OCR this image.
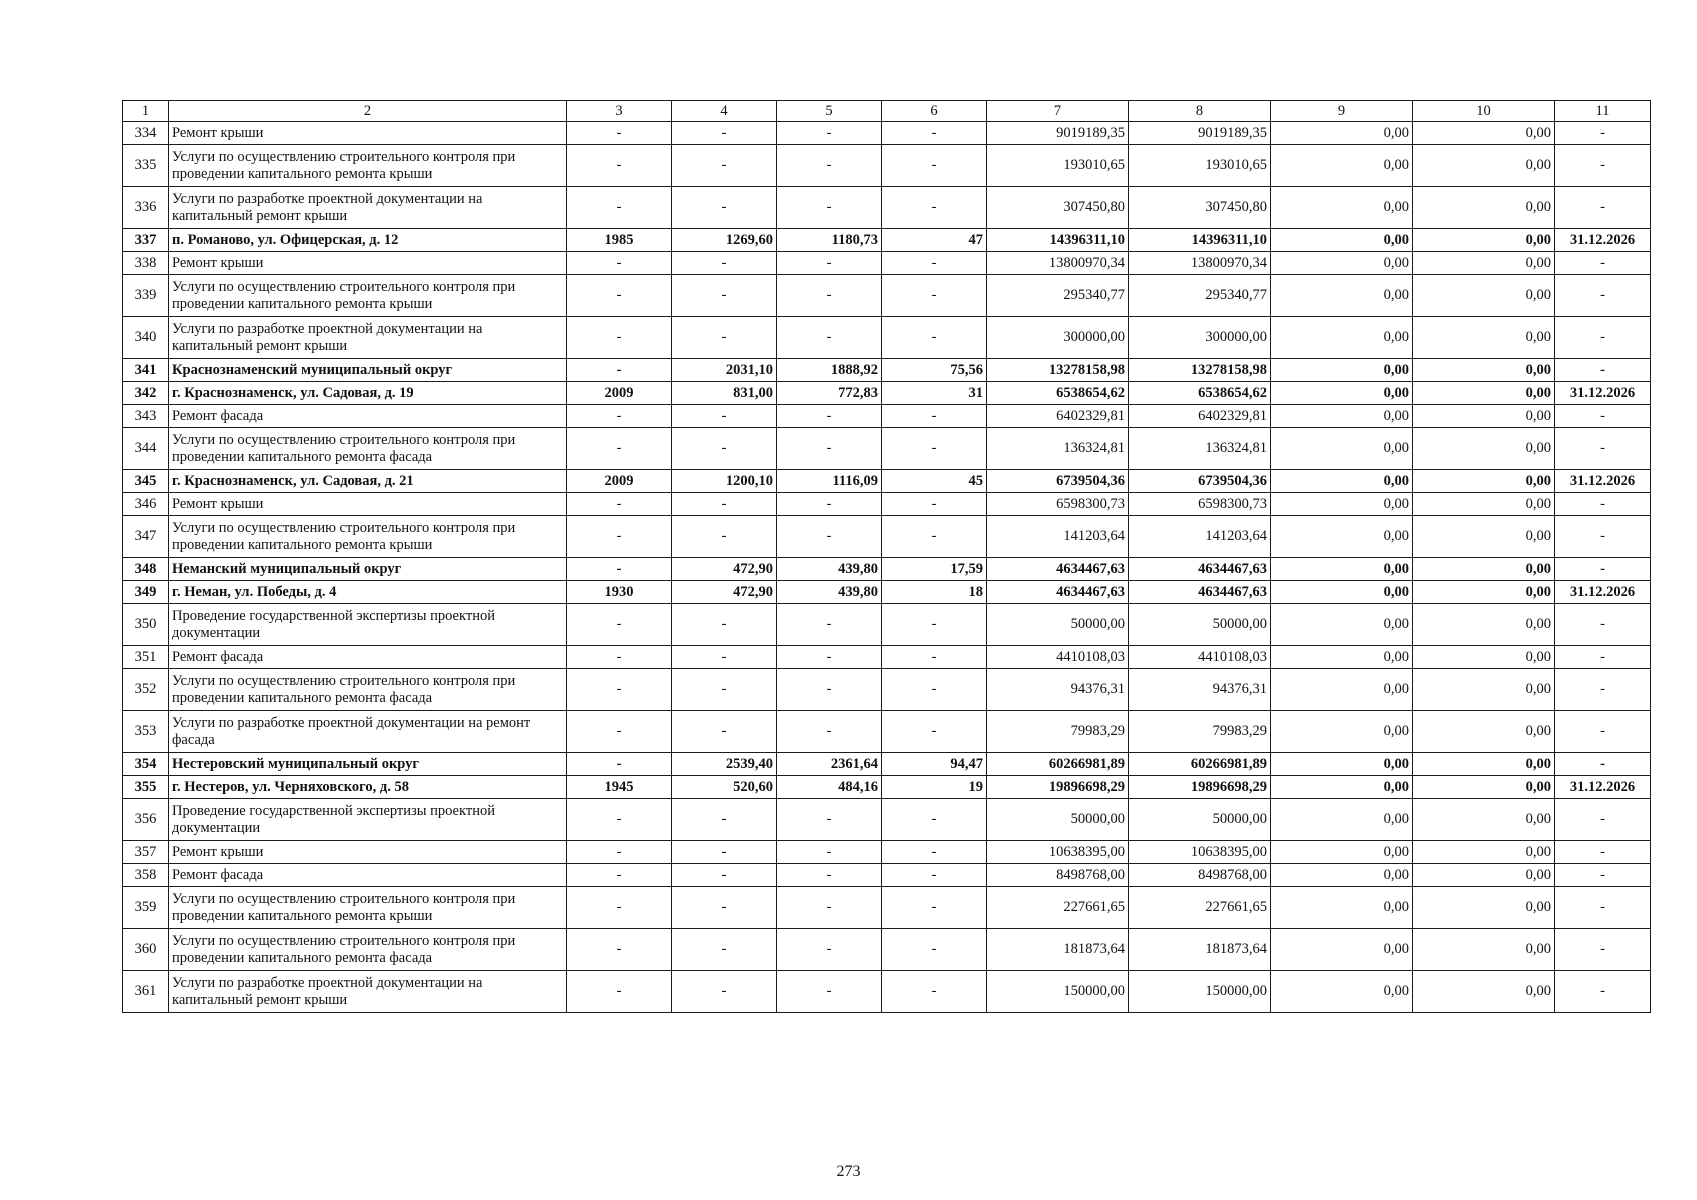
1	2	3	4	5	6	7	8	9	10	11
334	Ремонт крыши	-	-	-	-	9019189,35	9019189,35	0,00	0,00	-
335	Услуги по осуществлению строительного контроля при проведении капитального ремонта крыши	-	-	-	-	193010,65	193010,65	0,00	0,00	-
336	Услуги по разработке проектной документации на капитальный ремонт крыши	-	-	-	-	307450,80	307450,80	0,00	0,00	-
337	п. Романово, ул. Офицерская, д. 12	1985	1269,60	1180,73	47	14396311,10	14396311,10	0,00	0,00	31.12.2026
338	Ремонт крыши	-	-	-	-	13800970,34	13800970,34	0,00	0,00	-
339	Услуги по осуществлению строительного контроля при проведении капитального ремонта крыши	-	-	-	-	295340,77	295340,77	0,00	0,00	-
340	Услуги по разработке проектной документации на капитальный ремонт крыши	-	-	-	-	300000,00	300000,00	0,00	0,00	-
341	Краснознаменский муниципальный округ	-	2031,10	1888,92	75,56	13278158,98	13278158,98	0,00	0,00	-
342	г. Краснознаменск, ул. Садовая, д. 19	2009	831,00	772,83	31	6538654,62	6538654,62	0,00	0,00	31.12.2026
343	Ремонт фасада	-	-	-	-	6402329,81	6402329,81	0,00	0,00	-
344	Услуги по осуществлению строительного контроля при проведении капитального ремонта фасада	-	-	-	-	136324,81	136324,81	0,00	0,00	-
345	г. Краснознаменск, ул. Садовая, д. 21	2009	1200,10	1116,09	45	6739504,36	6739504,36	0,00	0,00	31.12.2026
346	Ремонт крыши	-	-	-	-	6598300,73	6598300,73	0,00	0,00	-
347	Услуги по осуществлению строительного контроля при проведении капитального ремонта крыши	-	-	-	-	141203,64	141203,64	0,00	0,00	-
348	Неманский муниципальный округ	-	472,90	439,80	17,59	4634467,63	4634467,63	0,00	0,00	-
349	г. Неман, ул. Победы, д. 4	1930	472,90	439,80	18	4634467,63	4634467,63	0,00	0,00	31.12.2026
350	Проведение государственной экспертизы проектной документации	-	-	-	-	50000,00	50000,00	0,00	0,00	-
351	Ремонт фасада	-	-	-	-	4410108,03	4410108,03	0,00	0,00	-
352	Услуги по осуществлению строительного контроля при проведении капитального ремонта фасада	-	-	-	-	94376,31	94376,31	0,00	0,00	-
353	Услуги по разработке проектной документации на ремонт фасада	-	-	-	-	79983,29	79983,29	0,00	0,00	-
354	Нестеровский муниципальный округ	-	2539,40	2361,64	94,47	60266981,89	60266981,89	0,00	0,00	-
355	г. Нестеров, ул. Черняховского, д. 58	1945	520,60	484,16	19	19896698,29	19896698,29	0,00	0,00	31.12.2026
356	Проведение государственной экспертизы проектной документации	-	-	-	-	50000,00	50000,00	0,00	0,00	-
357	Ремонт крыши	-	-	-	-	10638395,00	10638395,00	0,00	0,00	-
358	Ремонт фасада	-	-	-	-	8498768,00	8498768,00	0,00	0,00	-
359	Услуги по осуществлению строительного контроля при проведении капитального ремонта крыши	-	-	-	-	227661,65	227661,65	0,00	0,00	-
360	Услуги по осуществлению строительного контроля при проведении капитального ремонта фасада	-	-	-	-	181873,64	181873,64	0,00	0,00	-
361	Услуги по разработке проектной документации на капитальный ремонт крыши	-	-	-	-	150000,00	150000,00	0,00	0,00	-
273
